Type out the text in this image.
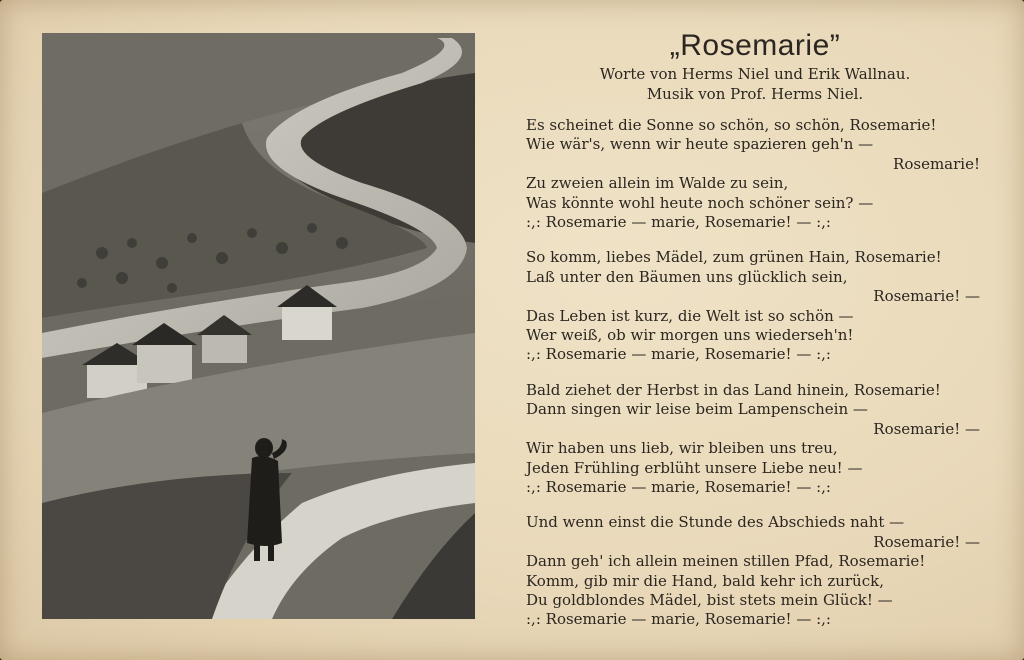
„Rosemarie”
Worte von Herms Niel und Erik Wallnau.
Musik von Prof. Herms Niel.
Es scheinet die Sonne so schön, so schön, Rosemarie!
Wie wär's, wenn wir heute spazieren geh'n —
Rosemarie!
Zu zweien allein im Walde zu sein,
Was könnte wohl heute noch schöner sein? —
:,: Rosemarie — marie, Rosemarie! — :,:
So komm, liebes Mädel, zum grünen Hain, Rosemarie!
Laß unter den Bäumen uns glücklich sein,
Rosemarie! —
Das Leben ist kurz, die Welt ist so schön —
Wer weiß, ob wir morgen uns wiederseh'n!
:,: Rosemarie — marie, Rosemarie! — :,:
Bald ziehet der Herbst in das Land hinein, Rosemarie!
Dann singen wir leise beim Lampenschein —
Rosemarie! —
Wir haben uns lieb, wir bleiben uns treu,
Jeden Frühling erblüht unsere Liebe neu! —
:,: Rosemarie — marie, Rosemarie! — :,:
Und wenn einst die Stunde des Abschieds naht —
Rosemarie! —
Dann geh' ich allein meinen stillen Pfad, Rosemarie!
Komm, gib mir die Hand, bald kehr ich zurück,
Du goldblondes Mädel, bist stets mein Glück! —
:,: Rosemarie — marie, Rosemarie! — :,:
